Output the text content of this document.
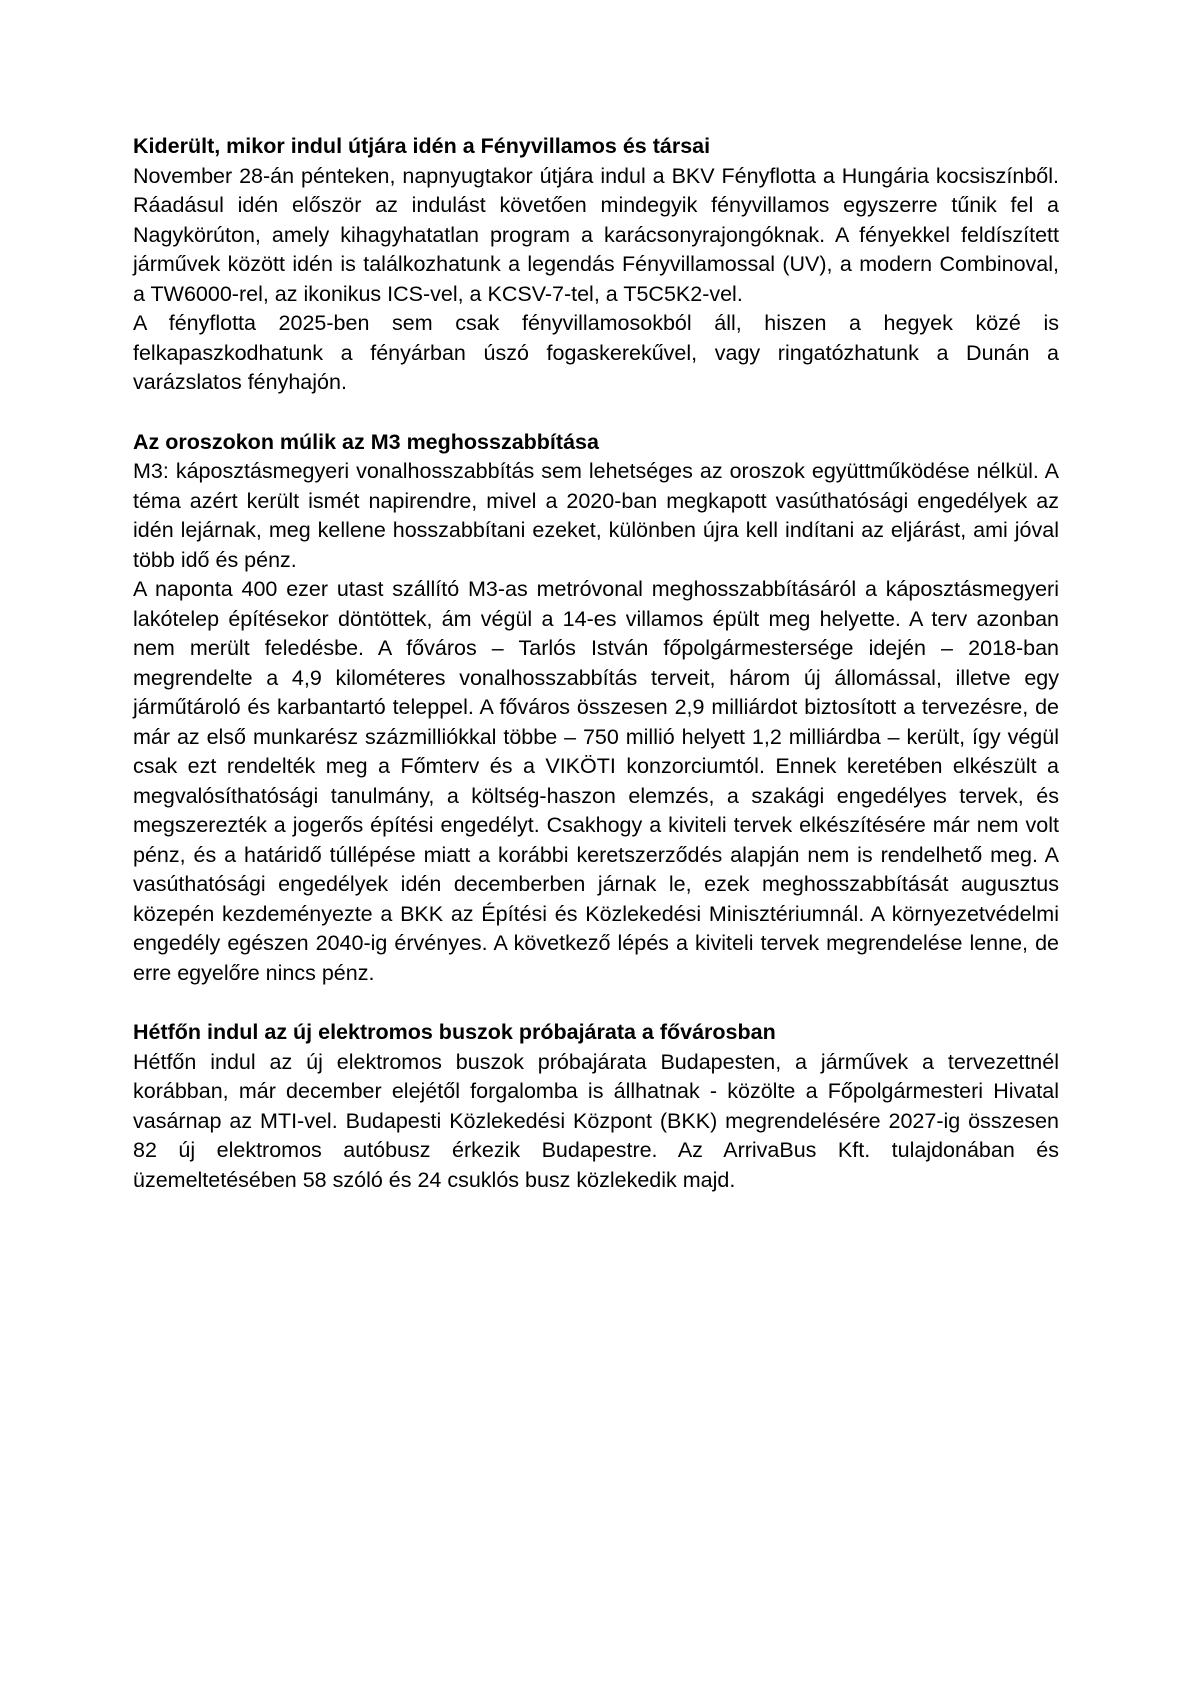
Kiderült, mikor indul útjára idén a Fényvillamos és társai

November 28-án pénteken, napnyugtakor útjára indul a BKV Fényflotta a Hungária kocsiszínből. Ráadásul idén először az indulást követően mindegyik fényvillamos egyszerre tűnik fel a Nagykörúton, amely kihagyhatatlan program a karácsonyrajongóknak. A fényekkel feldíszített járművek között idén is találkozhatunk a legendás Fényvillamossal (UV), a modern Combinoval, a TW6000-rel, az ikonikus ICS-vel, a KCSV-7-tel, a T5C5K2-vel.

A fényflotta 2025-ben sem csak fényvillamosokból áll, hiszen a hegyek közé is felkapaszkodhatunk a fényárban úszó fogaskerekűvel, vagy ringatózhatunk a Dunán a varázslatos fényhajón.

Az oroszokon múlik az M3 meghosszabbítása

M3: káposztásmegyeri vonalhosszabbítás sem lehetséges az oroszok együttműködése nélkül. A téma azért került ismét napirendre, mivel a 2020-ban megkapott vasúthatósági engedélyek az idén lejárnak, meg kellene hosszabbítani ezeket, különben újra kell indítani az eljárást, ami jóval több idő és pénz.

A naponta 400 ezer utast szállító M3-as metróvonal meghosszabbításáról a káposztásmegyeri lakótelep építésekor döntöttek, ám végül a 14-es villamos épült meg helyette. A terv azonban nem merült feledésbe. A főváros – Tarlós István főpolgármestersége idején – 2018-ban megrendelte a 4,9 kilométeres vonalhosszabbítás terveit, három új állomással, illetve egy járműtároló és karbantartó teleppel. A főváros összesen 2,9 milliárdot biztosított a tervezésre, de már az első munkarész százmilliókkal többe – 750 millió helyett 1,2 milliárdba – került, így végül csak ezt rendelték meg a Főmterv és a VIKÖTI konzorciumtól. Ennek keretében elkészült a megvalósíthatósági tanulmány, a költség-haszon elemzés, a szakági engedélyes tervek, és megszerezték a jogerős építési engedélyt. Csakhogy a kiviteli tervek elkészítésére már nem volt pénz, és a határidő túllépése miatt a korábbi keretszerződés alapján nem is rendelhető meg. A vasúthatósági engedélyek idén decemberben járnak le, ezek meghosszabbítását augusztus közepén kezdeményezte a BKK az Építési és Közlekedési Minisztériumnál. A környezetvédelmi engedély egészen 2040-ig érvényes. A következő lépés a kiviteli tervek megrendelése lenne, de erre egyelőre nincs pénz.

Hétfőn indul az új elektromos buszok próbajárata a fővárosban

Hétfőn indul az új elektromos buszok próbajárata Budapesten, a járművek a tervezettnél korábban, már december elejétől forgalomba is állhatnak - közölte a Főpolgármesteri Hivatal vasárnap az MTI-vel. Budapesti Közlekedési Központ (BKK) megrendelésére 2027-ig összesen 82 új elektromos autóbusz érkezik Budapestre. Az ArrivaBus Kft. tulajdonában és üzemeltetésében 58 szóló és 24 csuklós busz közlekedik majd.
